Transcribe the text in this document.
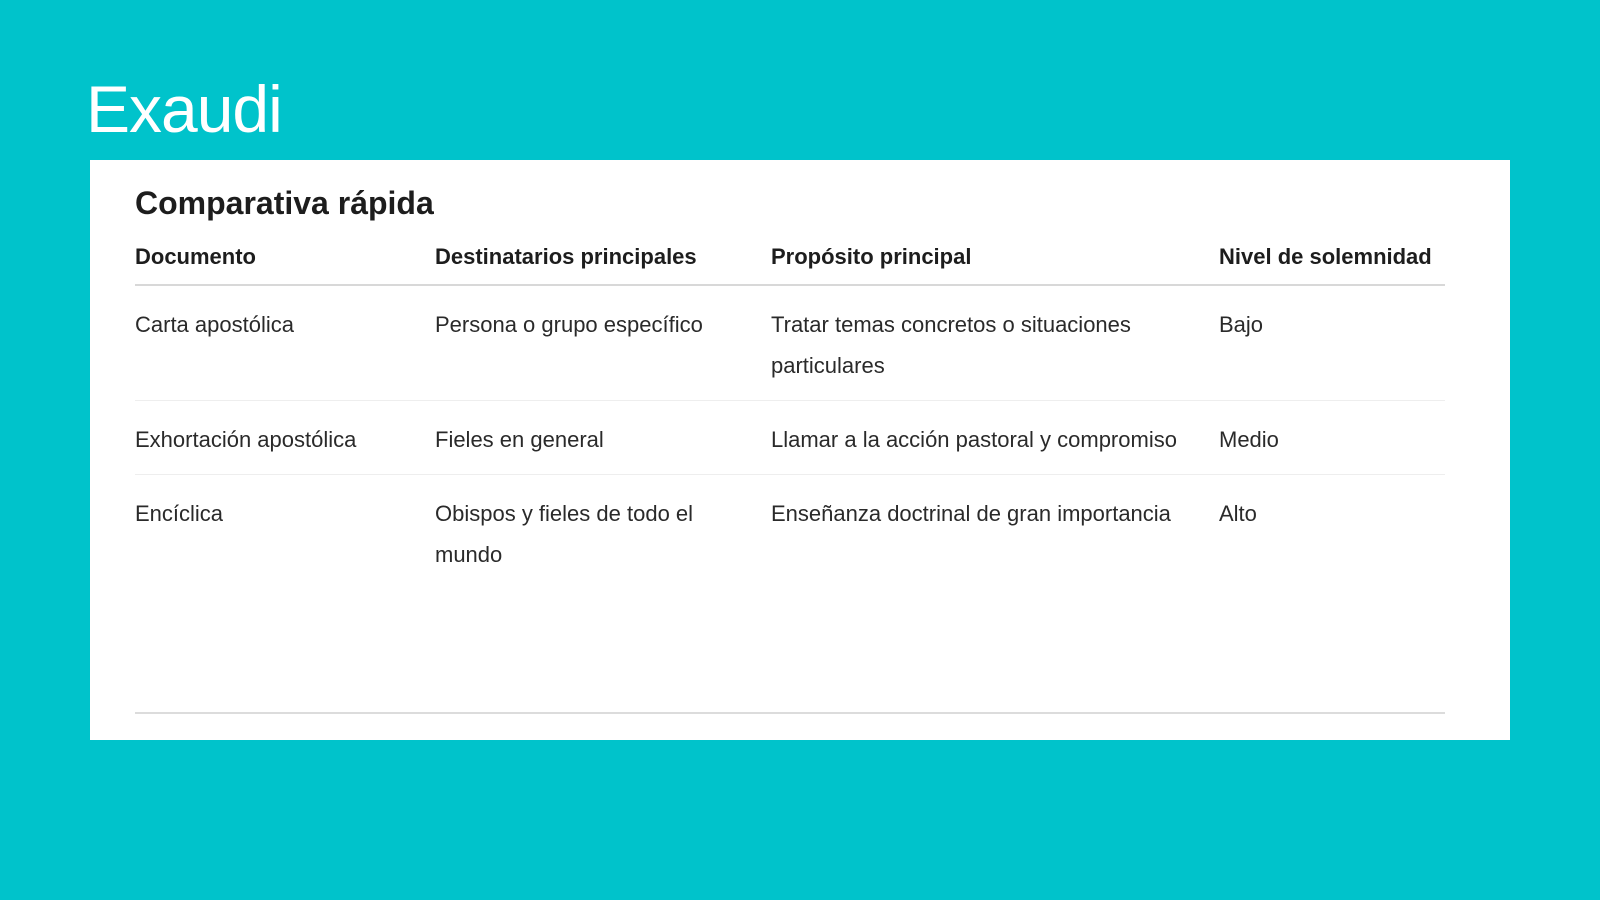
Exaudi
Comparativa rápida
Documento	Destinatarios principales	Propósito principal	Nivel de solemnidad
Carta apostólica	Persona o grupo específico	Tratar temas concretos o situaciones particulares	Bajo
Exhortación apostólica	Fieles en general	Llamar a la acción pastoral y compromiso	Medio
Encíclica	Obispos y fieles de todo el mundo	Enseñanza doctrinal de gran importancia	Alto
